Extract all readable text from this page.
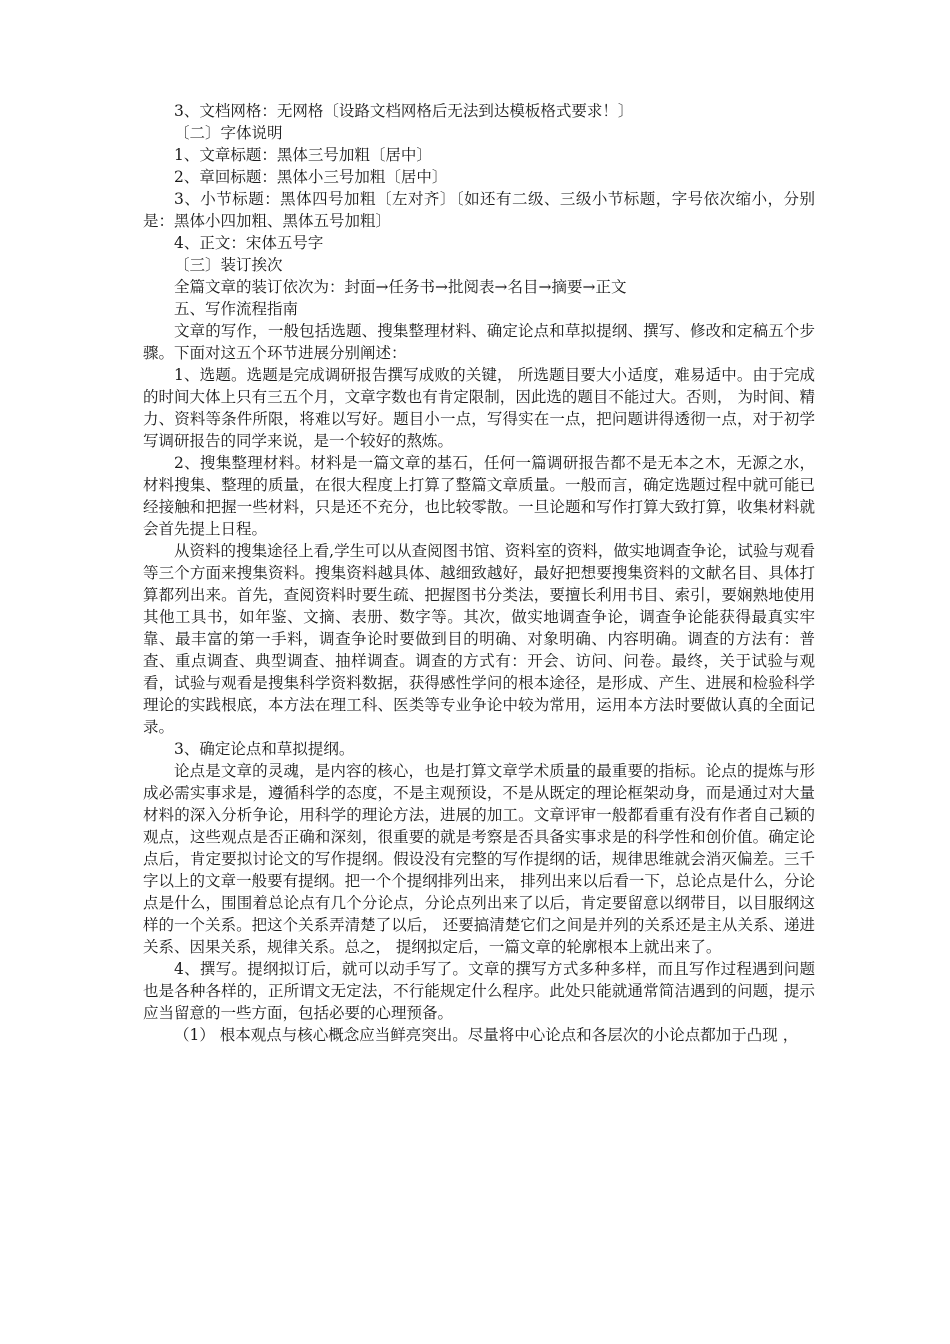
3、文档网格：无网格〔设路文档网格后无法到达模板格式要求！〕

〔二〕字体说明

1、文章标题：黑体三号加粗〔居中〕

2、章回标题：黑体小三号加粗〔居中〕

3、小节标题：黑体四号加粗〔左对齐〕〔如还有二级、三级小节标题，字号依次缩小，分别是：黑体小四加粗、黑体五号加粗〕

4、正文：宋体五号字

〔三〕装订挨次

全篇文章的装订依次为：封面→任务书→批阅表→名目→摘要→正文

五、写作流程指南

文章的写作，一般包括选题、搜集整理材料、确定论点和草拟提纲、撰写、修改和定稿五个步骤。下面对这五个环节进展分别阐述：

1、选题。选题是完成调研报告撰写成败的关键， 所选题目要大小适度，难易适中。由于完成的时间大体上只有三五个月，文章字数也有肯定限制，因此选的题目不能过大。否则， 为时间、精力、资料等条件所限，将难以写好。题目小一点，写得实在一点，把问题讲得透彻一点，对于初学写调研报告的同学来说，是一个较好的熬炼。

2、搜集整理材料。材料是一篇文章的基石，任何一篇调研报告都不是无本之木，无源之水，材料搜集、整理的质量，在很大程度上打算了整篇文章质量。一般而言，确定选题过程中就可能已经接触和把握一些材料，只是还不充分，也比较零散。一旦论题和写作打算大致打算，收集材料就会首先提上日程。

从资料的搜集途径上看,学生可以从查阅图书馆、资料室的资料，做实地调查争论，试验与观看等三个方面来搜集资料。搜集资料越具体、越细致越好，最好把想要搜集资料的文献名目、具体打算都列出来。首先，查阅资料时要生疏、把握图书分类法，要擅长利用书目、索引，要娴熟地使用其他工具书，如年鉴、文摘、表册、数字等。其次，做实地调查争论，调查争论能获得最真实牢靠、最丰富的第一手料，调查争论时要做到目的明确、对象明确、内容明确。调查的方法有：普查、重点调查、典型调查、抽样调查。调查的方式有：开会、访问、问卷。最终，关于试验与观看，试验与观看是搜集科学资料数据，获得感性学问的根本途径，是形成、产生、进展和检验科学理论的实践根底，本方法在理工科、医类等专业争论中较为常用，运用本方法时要做认真的全面记录。

3、确定论点和草拟提纲。

论点是文章的灵魂，是内容的核心，也是打算文章学术质量的最重要的指标。论点的提炼与形成必需实事求是，遵循科学的态度，不是主观预设，不是从既定的理论框架动身，而是通过对大量材料的深入分析争论，用科学的理论方法，进展的加工。文章评审一般都看重有没有作者自己颖的观点，这些观点是否正确和深刻，很重要的就是考察是否具备实事求是的科学性和创价值。确定论点后，肯定要拟讨论文的写作提纲。假设没有完整的写作提纲的话，规律思维就会消灭偏差。三千字以上的文章一般要有提纲。把一个个提纲排列出来， 排列出来以后看一下，总论点是什么，分论点是什么，围围着总论点有几个分论点，分论点列出来了以后，肯定要留意以纲带目，以目服纲这样的一个关系。把这个关系弄清楚了以后， 还要搞清楚它们之间是并列的关系还是主从关系、递进关系、因果关系，规律关系。总之， 提纲拟定后，一篇文章的轮廓根本上就出来了。

4、撰写。提纲拟订后，就可以动手写了。文章的撰写方式多种多样，而且写作过程遇到问题也是各种各样的，正所谓文无定法，不行能规定什么程序。此处只能就通常简洁遇到的问题，提示应当留意的一些方面，包括必要的心理预备。

（1） 根本观点与核心概念应当鲜亮突出。尽量将中心论点和各层次的小论点都加于凸现 ，
